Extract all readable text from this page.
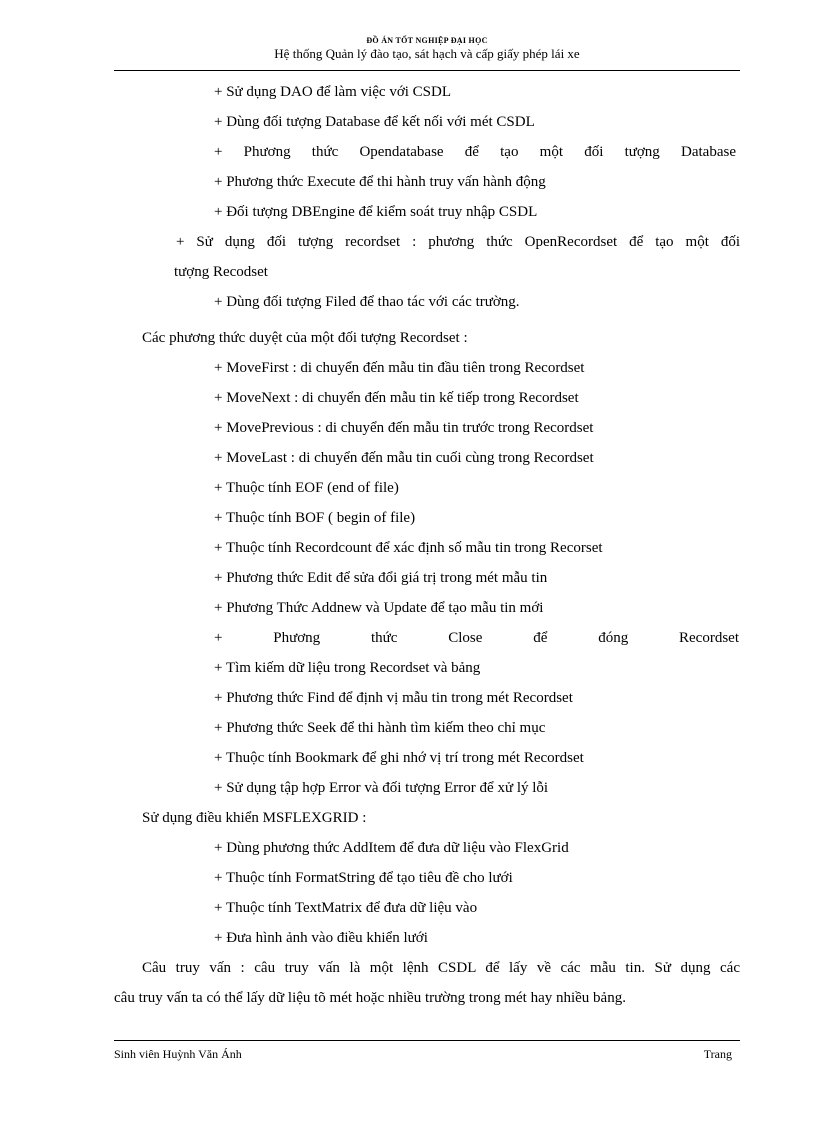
ĐỒ ÁN TỐT NGHIỆP ĐẠI HỌC
Hệ thống Quản lý đào tạo, sát hạch và cấp giấy phép lái xe
+ Sử dụng DAO để làm việc với CSDL
+ Dùng đối tượng Database để kết nối với mét CSDL
+ Phương thức Opendatabase để tạo một đối tượng Database
+ Phương thức Execute để thi hành truy vấn hành động
+ Đối tượng DBEngine để kiểm soát truy nhập CSDL
+ Sử dụng đối tượng recordset : phương thức OpenRecordset để tạo một đối
tượng Recodset
+ Dùng đối tượng Filed để thao tác với các trường.
Các phương thức duyệt của một đối tượng Recordset :
+ MoveFirst : di chuyển đến mẫu tin đầu tiên trong Recordset
+ MoveNext : di chuyển đến mẫu tin kế tiếp trong Recordset
+ MovePrevious : di chuyển đến mẫu tin trước trong Recordset
+ MoveLast : di chuyển đến mẫu tin cuối cùng trong Recordset
+ Thuộc tính EOF (end of file)
+ Thuộc tính BOF ( begin of file)
+ Thuộc tính Recordcount để xác định số mẫu tin trong Recorset
+ Phương thức Edit để sửa đổi giá trị trong mét mẫu tin
+ Phương Thức Addnew và Update để tạo mẫu tin mới
+ Phương thức Close để đóng Recordset
+ Tìm kiếm dữ liệu trong Recordset và bảng
+ Phương thức Find để định vị mẫu tin trong mét Recordset
+ Phương thức Seek để thi hành tìm kiếm theo chỉ mục
+ Thuộc tính Bookmark để ghi nhớ vị trí trong mét Recordset
+ Sử dụng tập hợp Error và đối tượng Error để xử lý lỗi
Sử dụng điều khiển MSFLEXGRID :
+ Dùng phương thức AddItem để đưa dữ liệu vào FlexGrid
+ Thuộc tính FormatString để tạo tiêu đề cho lưới
+ Thuộc tính TextMatrix để đưa dữ liệu vào
+ Đưa hình ảnh vào điều khiển lưới
Câu truy vấn : câu truy vấn là một lệnh CSDL để lấy về các mẫu tin. Sử dụng các
câu truy vấn ta có thể lấy dữ liệu tõ mét hoặc nhiều trường trong mét hay nhiều bảng.
Sinh viên Huỳnh Văn Ánh	Trang
